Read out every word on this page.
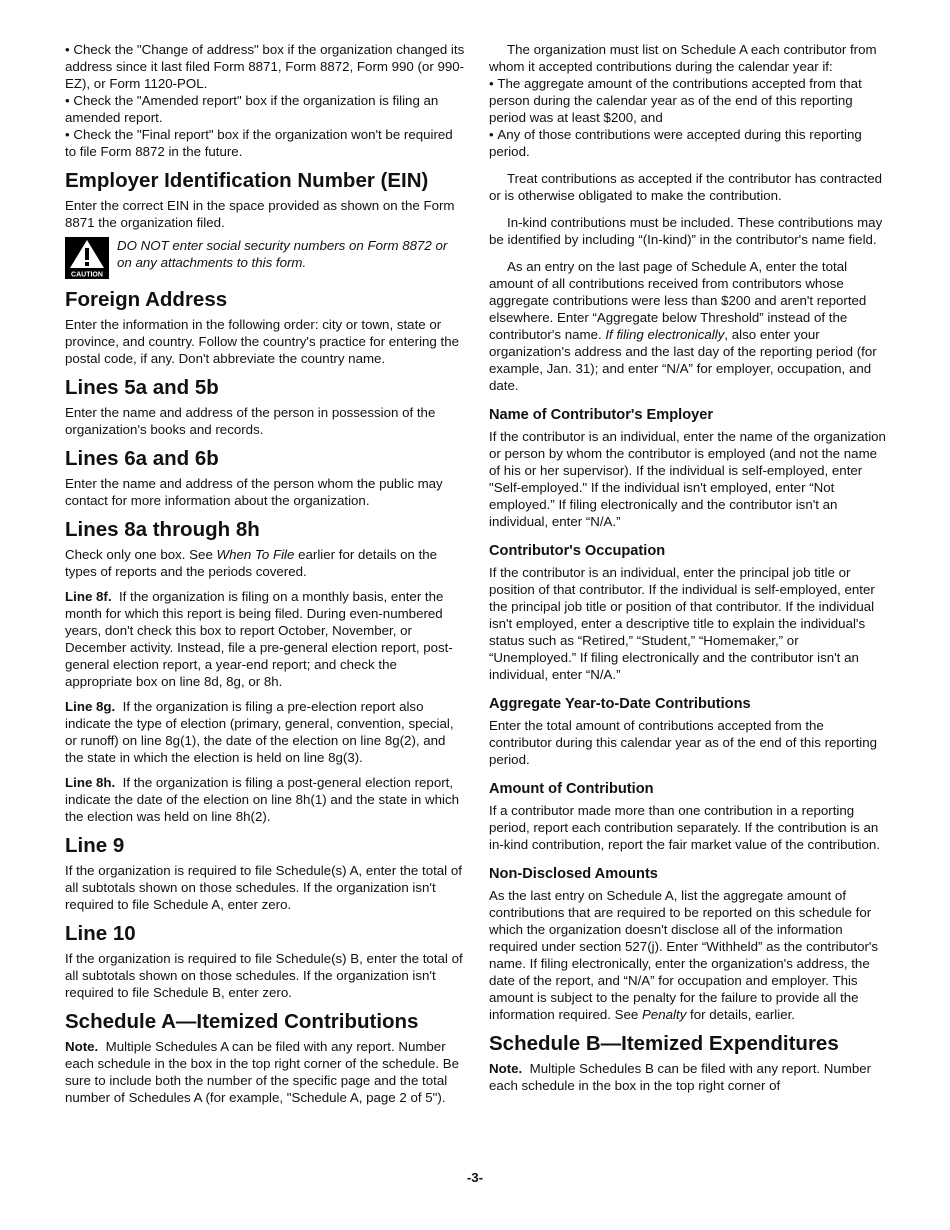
• Check the "Change of address" box if the organization changed its address since it last filed Form 8871, Form 8872, Form 990 (or 990-EZ), or Form 1120-POL.

• Check the "Amended report" box if the organization is filing an amended report.

• Check the "Final report" box if the organization won't be required to file Form 8872 in the future.

Employer Identification Number (EIN)

Enter the correct EIN in the space provided as shown on the Form 8871 the organization filed.

CAUTION

DO NOT enter social security numbers on Form 8872 or on any attachments to this form.

Foreign Address

Enter the information in the following order: city or town, state or province, and country. Follow the country's practice for entering the postal code, if any. Don't abbreviate the country name.

Lines 5a and 5b

Enter the name and address of the person in possession of the organization's books and records.

Lines 6a and 6b

Enter the name and address of the person whom the public may contact for more information about the organization.

Lines 8a through 8h

Check only one box. See When To File earlier for details on the types of reports and the periods covered.

Line 8f. If the organization is filing on a monthly basis, enter the month for which this report is being filed. During even-numbered years, don't check this box to report October, November, or December activity. Instead, file a pre-general election report, post-general election report, a year-end report; and check the appropriate box on line 8d, 8g, or 8h.

Line 8g. If the organization is filing a pre-election report also indicate the type of election (primary, general, convention, special, or runoff) on line 8g(1), the date of the election on line 8g(2), and the state in which the election is held on line 8g(3).

Line 8h. If the organization is filing a post-general election report, indicate the date of the election on line 8h(1) and the state in which the election was held on line 8h(2).

Line 9

If the organization is required to file Schedule(s) A, enter the total of all subtotals shown on those schedules. If the organization isn't required to file Schedule A, enter zero.

Line 10

If the organization is required to file Schedule(s) B, enter the total of all subtotals shown on those schedules. If the organization isn't required to file Schedule B, enter zero.

Schedule A—Itemized Contributions

Note. Multiple Schedules A can be filed with any report. Number each schedule in the box in the top right corner of the schedule. Be sure to include both the number of the specific page and the total number of Schedules A (for example, "Schedule A, page 2 of 5").

The organization must list on Schedule A each contributor from whom it accepted contributions during the calendar year if:

• The aggregate amount of the contributions accepted from that person during the calendar year as of the end of this reporting period was at least $200, and

• Any of those contributions were accepted during this reporting period.

Treat contributions as accepted if the contributor has contracted or is otherwise obligated to make the contribution.

In-kind contributions must be included. These contributions may be identified by including “(In-kind)” in the contributor's name field.

As an entry on the last page of Schedule A, enter the total amount of all contributions received from contributors whose aggregate contributions were less than $200 and aren't reported elsewhere. Enter “Aggregate below Threshold” instead of the contributor's name. If filing electronically, also enter your organization's address and the last day of the reporting period (for example, Jan. 31); and enter “N/A” for employer, occupation, and date.

Name of Contributor's Employer

If the contributor is an individual, enter the name of the organization or person by whom the contributor is employed (and not the name of his or her supervisor). If the individual is self-employed, enter "Self-employed." If the individual isn't employed, enter “Not employed.” If filing electronically and the contributor isn't an individual, enter “N/A.”

Contributor's Occupation

If the contributor is an individual, enter the principal job title or position of that contributor. If the individual is self-employed, enter the principal job title or position of that contributor. If the individual isn't employed, enter a descriptive title to explain the individual's status such as “Retired,” “Student,” “Homemaker,” or “Unemployed.” If filing electronically and the contributor isn't an individual, enter “N/A.”

Aggregate Year-to-Date Contributions

Enter the total amount of contributions accepted from the contributor during this calendar year as of the end of this reporting period.

Amount of Contribution

If a contributor made more than one contribution in a reporting period, report each contribution separately. If the contribution is an in-kind contribution, report the fair market value of the contribution.

Non-Disclosed Amounts

As the last entry on Schedule A, list the aggregate amount of contributions that are required to be reported on this schedule for which the organization doesn't disclose all of the information required under section 527(j). Enter “Withheld” as the contributor's name. If filing electronically, enter the organization's address, the date of the report, and “N/A” for occupation and employer. This amount is subject to the penalty for the failure to provide all the information required. See Penalty for details, earlier.

Schedule B—Itemized Expenditures

Note. Multiple Schedules B can be filed with any report. Number each schedule in the box in the top right corner of

-3-
